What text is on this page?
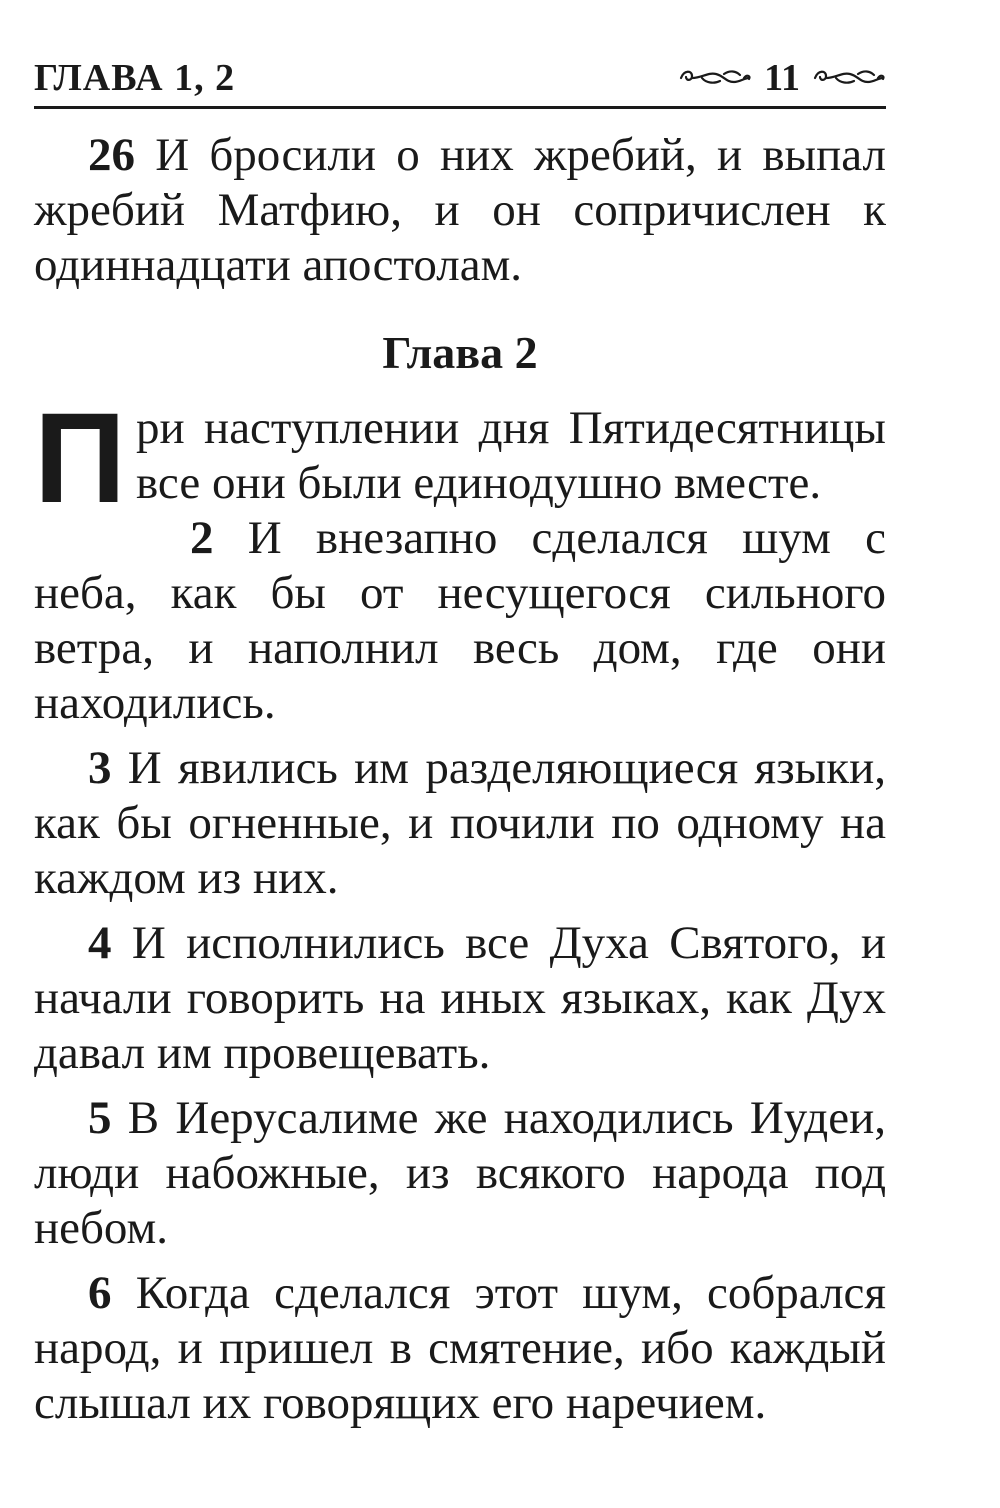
ГЛАВА 1, 2	11

26 И бросили о них жребий, и выпал жребий Матфию, и он сопричислен к одиннадцати апостолам.

Глава 2

При наступлении дня Пятидесятницы все они были единодушно вместе.

2 И внезапно сделался шум с неба, как бы от несущегося сильного ветра, и наполнил весь дом, где они находились.

3 И явились им разделяющиеся языки, как бы огненные, и почили по одному на каждом из них.

4 И исполнились все Духа Святого, и начали говорить на иных языках, как Дух давал им провещевать.

5 В Иерусалиме же находились Иудеи, люди набожные, из всякого народа под небом.

6 Когда сделался этот шум, собрался народ, и пришел в смятение, ибо каждый слышал их говорящих его наречием.
